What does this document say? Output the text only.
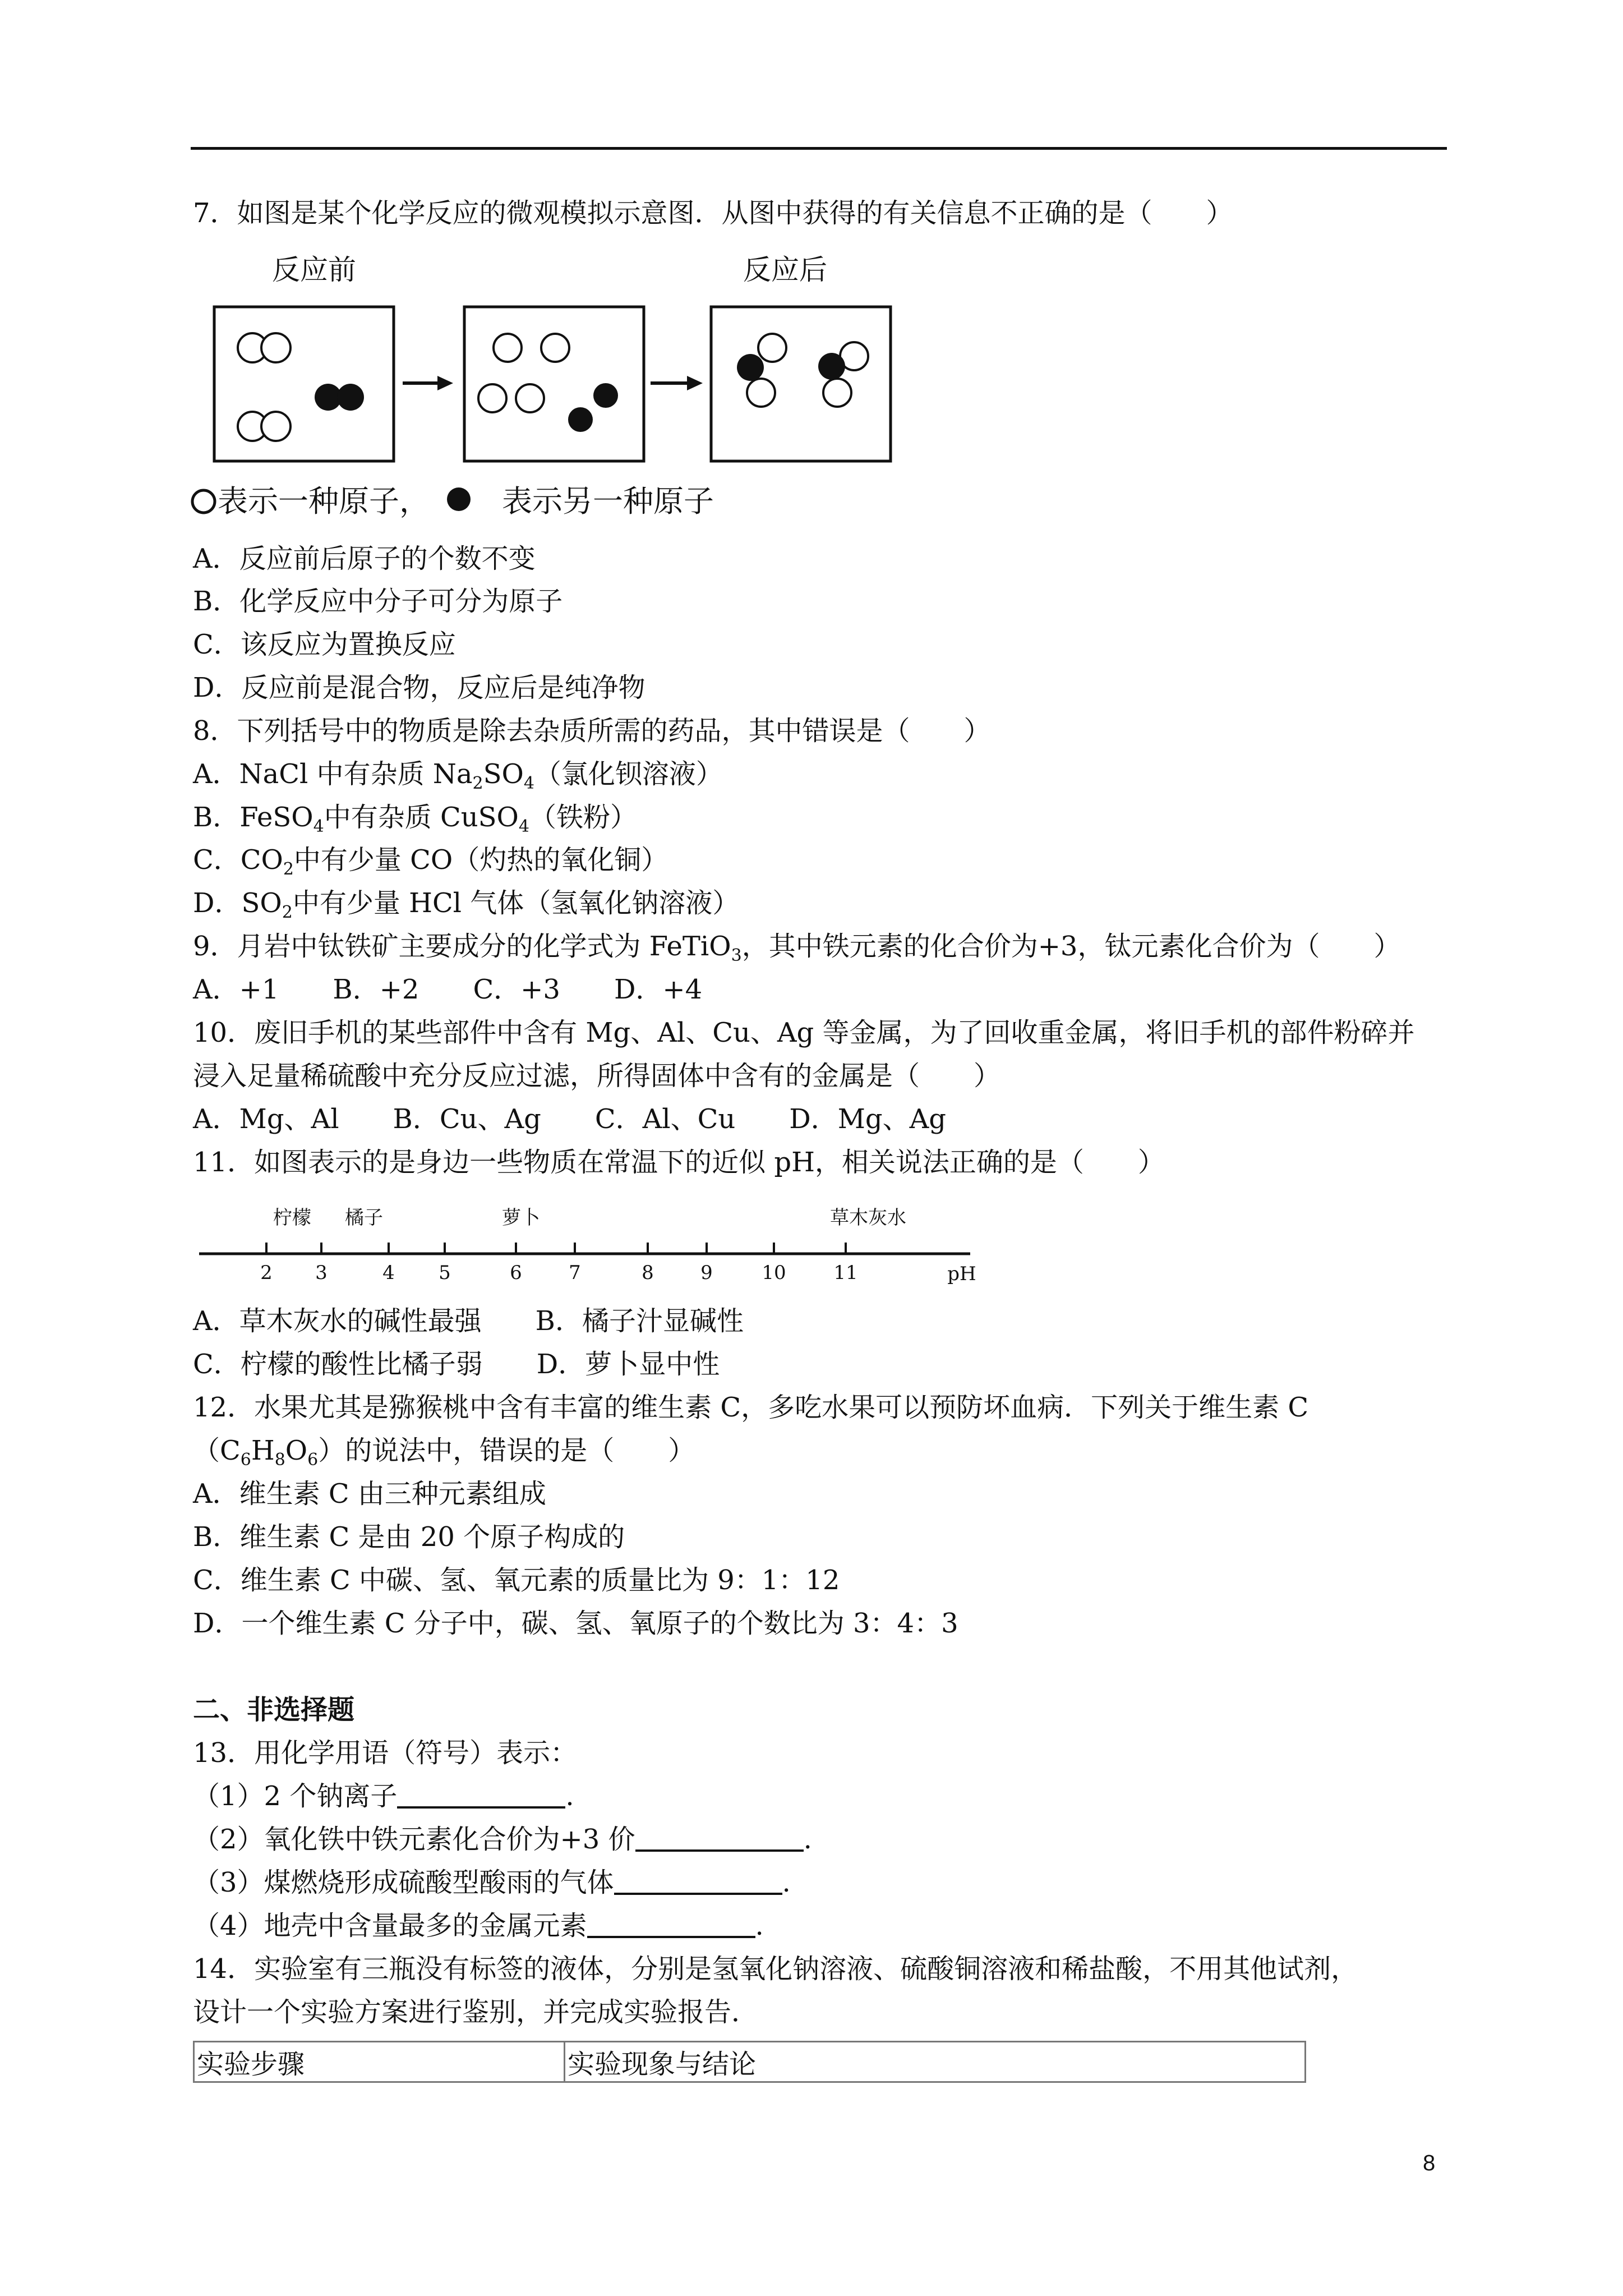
7．如图是某个化学反应的微观模拟示意图．从图中获得的有关信息不正确的是（　　）
反应前	反应后
表示一种原子， 表示另一种原子
A．反应前后原子的个数不变
B．化学反应中分子可分为原子
C．该反应为置换反应
D．反应前是混合物，反应后是纯净物
8．下列括号中的物质是除去杂质所需的药品，其中错误是（　　）
A．NaCl 中有杂质 $Na_2SO_4$（氯化钡溶液）
B．FeSO$_4$中有杂质 CuSO$_4$（铁粉）
C．$CO_2$中有少量 CO（灼热的氧化铜）
D．$SO_2$中有少量 HCl 气体（氢氧化钠溶液）
9．月岩中钛铁矿主要成分的化学式为 FeTiO$_3$，其中铁元素的化合价为+3，钛元素化合价为（　　）
A．+1　　B．+2　　C．+3　　D．+4
10．废旧手机的某些部件中含有 Mg、Al、Cu、Ag 等金属，为了回收重金属，将旧手机的部件粉碎并
浸入足量稀硫酸中充分反应过滤，所得固体中含有的金属是（　　）
A．Mg、Al　　B．Cu、Ag　　C．Al、Cu　　D．Mg、Ag
11．如图表示的是身边一些物质在常温下的近似 pH，相关说法正确的是（　　）
柠檬 橘子	萝卜	草木灰水
2 3	4 5	6 7	8 9	10 11	pH
A．草木灰水的碱性最强　　B．橘子汁显碱性
C．柠檬的酸性比橘子弱　　D．萝卜显中性
12．水果尤其是猕猴桃中含有丰富的维生素 C，多吃水果可以预防坏血病．下列关于维生素 C
$(C_6H_8O_6)$的说法中，错误的是（　　）
A．维生素 C 由三种元素组成
B．维生素 C 是由 20 个原子构成的
C．维生素 C 中碳、氢、氧元素的质量比为 9：1：12
D．一个维生素 C 分子中，碳、氢、氧原子的个数比为 3：4：3
二、非选择题
13．用化学用语（符号）表示：
（1）2 个钠离子	.
（2）氧化铁中铁元素化合价为+3 价	.
（3）煤燃烧形成硫酸型酸雨的气体	.
（4）地壳中含量最多的金属元素	.
14．实验室有三瓶没有标签的液体，分别是氢氧化钠溶液、硫酸铜溶液和稀盐酸，不用其他试剂，
设计一个实验方案进行鉴别，并完成实验报告．
实验步骤	实验现象与结论
8
